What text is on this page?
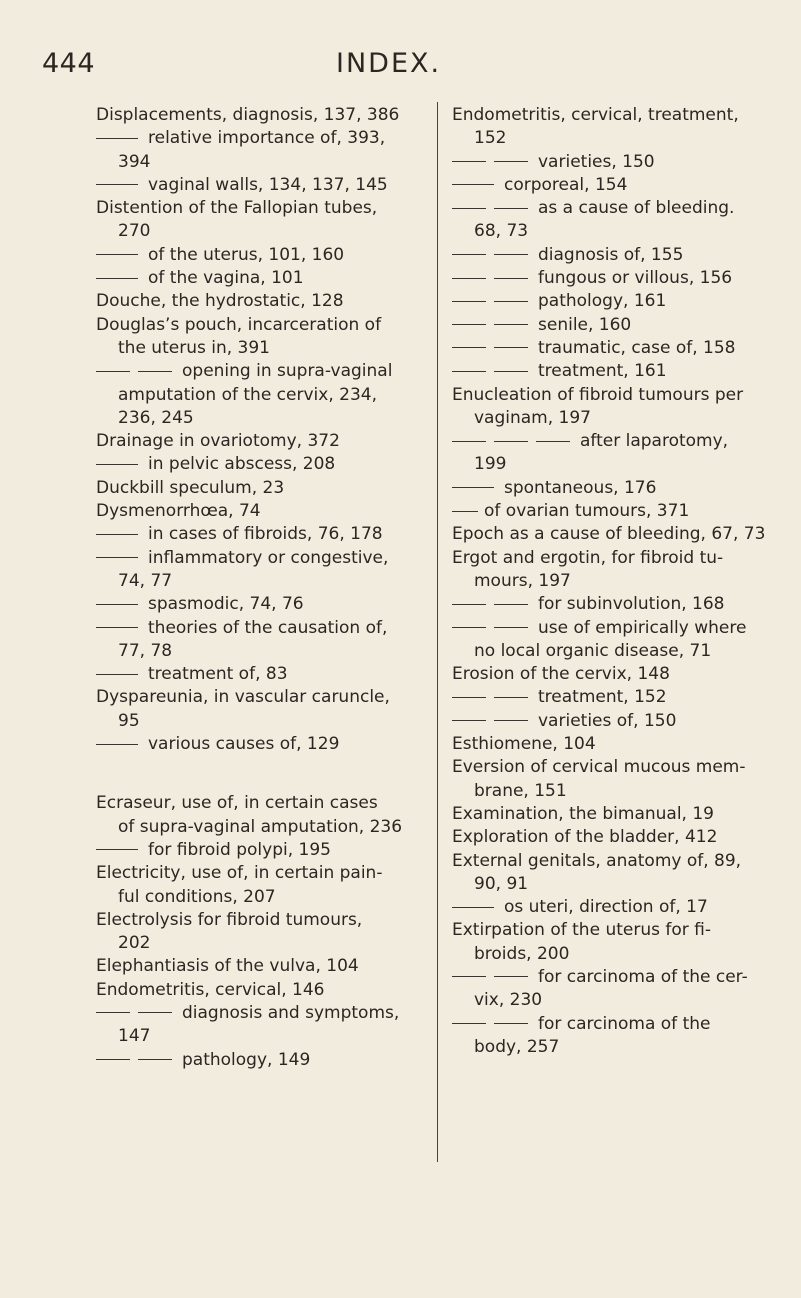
444	INDEX.
Displacements, diagnosis, 137, 386
relative importance of, 393,
394
vaginal walls, 134, 137, 145
Distention of the Fallopian tubes,
270
of the uterus, 101, 160
of the vagina, 101
Douche, the hydrostatic, 128
Douglas’s pouch, incarceration of
the uterus in, 391
opening in supra-vaginal
amputation of the cervix, 234,
236, 245
Drainage in ovariotomy, 372
in pelvic abscess, 208
Duckbill speculum, 23
Dysmenorrhœa, 74
in cases of fibroids, 76, 178
inflammatory or congestive,
74, 77
spasmodic, 74, 76
theories of the causation of,
77, 78
treatment of, 83
Dyspareunia, in vascular caruncle,
95
various causes of, 129
Ecraseur, use of, in certain cases
of supra-vaginal amputation, 236
for fibroid polypi, 195
Electricity, use of, in certain pain-
ful conditions, 207
Electrolysis for fibroid tumours,
202
Elephantiasis of the vulva, 104
Endometritis, cervical, 146
diagnosis and symptoms,
147
pathology, 149
Endometritis, cervical, treatment,
152
varieties, 150
corporeal, 154
as a cause of bleeding.
68, 73
diagnosis of, 155
fungous or villous, 156
pathology, 161
senile, 160
traumatic, case of, 158
treatment, 161
Enucleation of fibroid tumours per
vaginam, 197
after laparotomy,
199
spontaneous, 176
of ovarian tumours, 371
Epoch as a cause of bleeding, 67, 73
Ergot and ergotin, for fibroid tu-
mours, 197
for subinvolution, 168
use of empirically where
no local organic disease, 71
Erosion of the cervix, 148
treatment, 152
varieties of, 150
Esthiomene, 104
Eversion of cervical mucous mem-
brane, 151
Examination, the bimanual, 19
Exploration of the bladder, 412
External genitals, anatomy of, 89,
90, 91
os uteri, direction of, 17
Extirpation of the uterus for fi-
broids, 200
for carcinoma of the cer-
vix, 230
for carcinoma of the
body, 257
